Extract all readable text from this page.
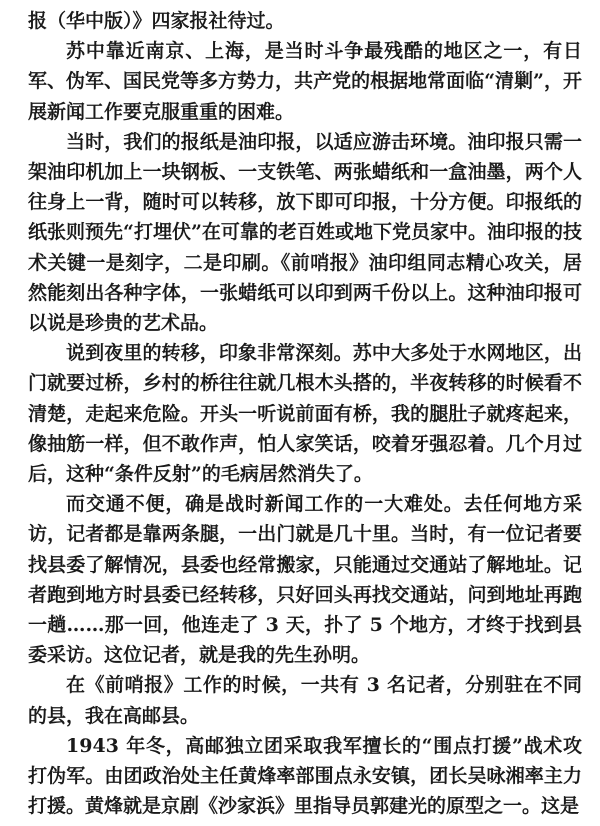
报（华中版）》四家报社待过。

苏中靠近南京、上海，是当时斗争最残酷的地区之一，有日军、伪军、国民党等多方势力，共产党的根据地常面临“清剿”，开展新闻工作要克服重重的困难。

当时，我们的报纸是油印报，以适应游击环境。油印报只需一架油印机加上一块钢板、一支铁笔、两张蜡纸和一盒油墨，两个人往身上一背，随时可以转移，放下即可印报，十分方便。印报纸的纸张则预先“打埋伏”在可靠的老百姓或地下党员家中。油印报的技术关键一是刻字，二是印刷。《前哨报》油印组同志精心攻关，居然能刻出各种字体，一张蜡纸可以印到两千份以上。这种油印报可以说是珍贵的艺术品。

说到夜里的转移，印象非常深刻。苏中大多处于水网地区，出门就要过桥，乡村的桥往往就几根木头搭的，半夜转移的时候看不清楚，走起来危险。开头一听说前面有桥，我的腿肚子就疼起来，像抽筋一样，但不敢作声，怕人家笑话，咬着牙强忍着。几个月过后，这种“条件反射”的毛病居然消失了。

而交通不便，确是战时新闻工作的一大难处。去任何地方采访，记者都是靠两条腿，一出门就是几十里。当时，有一位记者要找县委了解情况，县委也经常搬家，只能通过交通站了解地址。记者跑到地方时县委已经转移，只好回头再找交通站，问到地址再跑一趟……那一回，他连走了 3 天，扑了 5 个地方，才终于找到县委采访。这位记者，就是我的先生孙明。

在《前哨报》工作的时候，一共有 3 名记者，分别驻在不同的县，我在高邮县。

1943 年冬，高邮独立团采取我军擅长的“围点打援”战术攻打伪军。由团政治处主任黄烽率部围点永安镇，团长吴咏湘率主力打援。黄烽就是京剧《沙家浜》里指导员郭建光的原型之一。这是
